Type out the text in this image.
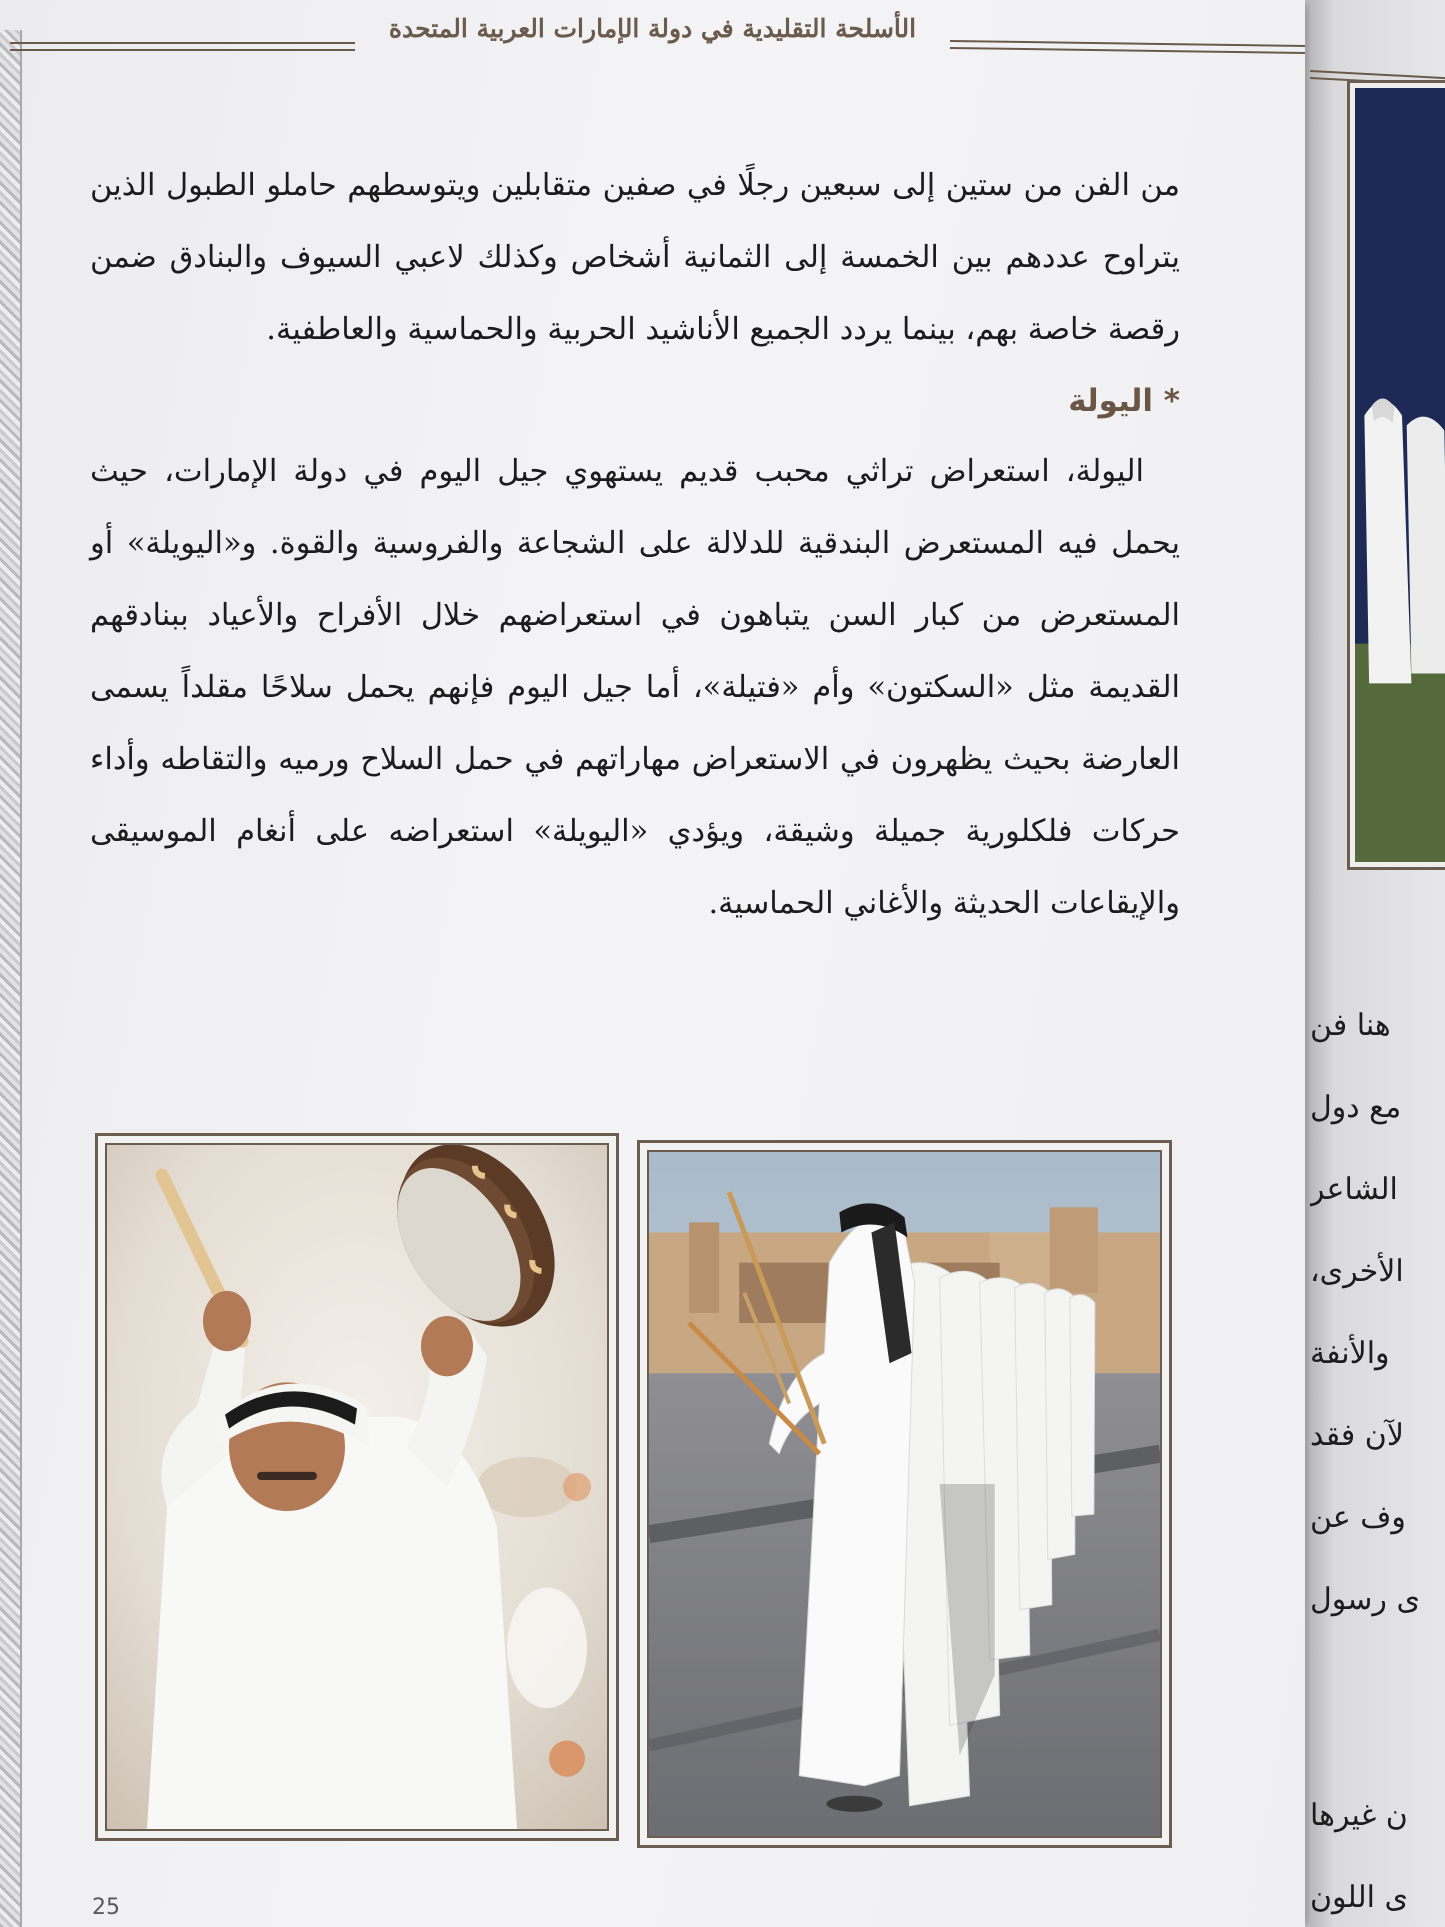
الأسلحة التقليدية في دولة الإمارات العربية المتحدة

من الفن من ستين إلى سبعين رجلًا في صفين متقابلين ويتوسطهم حاملو الطبول الذين يتراوح عددهم بين الخمسة إلى الثمانية أشخاص وكذلك لاعبي السيوف والبنادق ضمن رقصة خاصة بهم، بينما يردد الجميع الأناشيد الحربية والحماسية والعاطفية.

* اليولة

اليولة، استعراض تراثي محبب قديم يستهوي جيل اليوم في دولة الإمارات، حيث يحمل فيه المستعرض البندقية للدلالة على الشجاعة والفروسية والقوة. و«اليويلة» أو المستعرض من كبار السن يتباهون في استعراضهم خلال الأفراح والأعياد ببنادقهم القديمة مثل «السكتون» وأم «فتيلة»، أما جيل اليوم فإنهم يحمل سلاحًا مقلداً يسمى العارضة بحيث يظهرون في الاستعراض مهاراتهم في حمل السلاح ورميه والتقاطه وأداء حركات فلكلورية جميلة وشيقة، ويؤدي «اليويلة» استعراضه على أنغام الموسيقى والإيقاعات الحديثة والأغاني الحماسية.

25
هنا فن
مع دول
الشاعر
الأخرى،
والأنفة
لآن فقد
وف عن
ى رسول
ن غيرها
ى اللون
